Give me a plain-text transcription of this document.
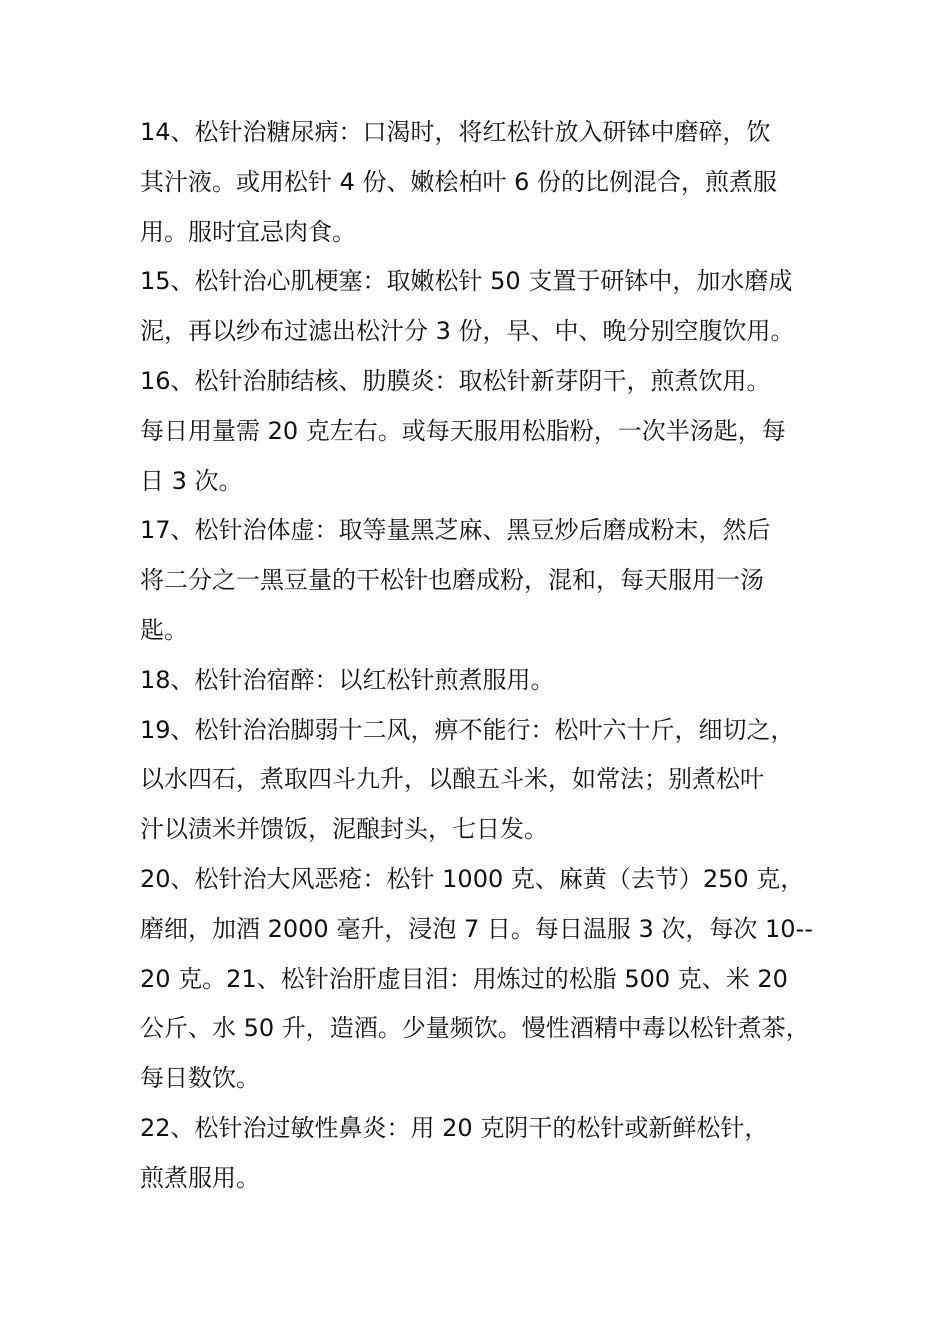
14、松针治糖尿病：口渴时，将红松针放入研钵中磨碎，饮
其汁液。或用松针 4 份、嫩桧柏叶 6 份的比例混合，煎煮服
用。服时宜忌肉食。
15、松针治心肌梗塞：取嫩松针 50 支置于研钵中，加水磨成
泥，再以纱布过滤出松汁分 3 份，早、中、晚分别空腹饮用。
16、松针治肺结核、肋膜炎：取松针新芽阴干，煎煮饮用。
每日用量需 20 克左右。或每天服用松脂粉，一次半汤匙，每
日 3 次。
17、松针治体虚：取等量黑芝麻、黑豆炒后磨成粉末，然后
将二分之一黑豆量的干松针也磨成粉，混和，每天服用一汤
匙。
18、松针治宿醉：以红松针煎煮服用。
19、松针治治脚弱十二风，痹不能行：松叶六十斤，细切之，
以水四石，煮取四斗九升，以酿五斗米，如常法；别煮松叶
汁以渍米并馈饭，泥酿封头，七日发。
20、松针治大风恶疮：松针 1000 克、麻黄（去节）250 克，
磨细，加酒 2000 毫升，浸泡 7 日。每日温服 3 次，每次 10--
20 克。21、松针治肝虚目泪：用炼过的松脂 500 克、米 20
公斤、水 50 升，造酒。少量频饮。慢性酒精中毒以松针煮茶，
每日数饮。
22、松针治过敏性鼻炎：用 20 克阴干的松针或新鲜松针，
煎煮服用。
